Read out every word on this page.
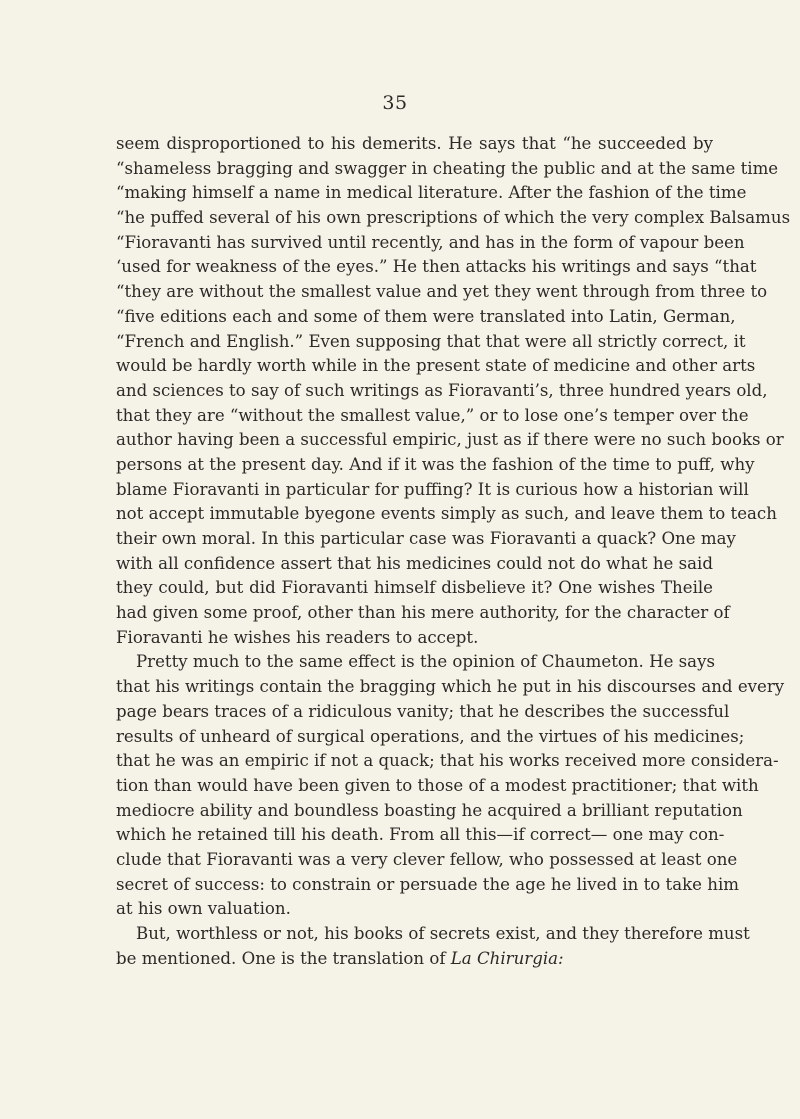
35
seem disproportioned to his demerits. He says that “he succeeded by
“shameless bragging and swagger in cheating the public and at the same time
“making himself a name in medical literature. After the fashion of the time
“he puffed several of his own prescriptions of which the very complex Balsamus
“Fioravanti has survived until recently, and has in the form of vapour been
‘used for weakness of the eyes.” He then attacks his writings and says “that
“they are without the smallest value and yet they went through from three to
“five editions each and some of them were translated into Latin, German,
“French and English.” Even supposing that that were all strictly correct, it
would be hardly worth while in the present state of medicine and other arts
and sciences to say of such writings as Fioravanti’s, three hundred years old,
that they are “without the smallest value,” or to lose one’s temper over the
author having been a successful empiric, just as if there were no such books or
persons at the present day. And if it was the fashion of the time to puff, why
blame Fioravanti in particular for puffing? It is curious how a historian will
not accept immutable byegone events simply as such, and leave them to teach
their own moral. In this particular case was Fioravanti a quack? One may
with all confidence assert that his medicines could not do what he said
they could, but did Fioravanti himself disbelieve it? One wishes Theile
had given some proof, other than his mere authority, for the character of
Fioravanti he wishes his readers to accept.
Pretty much to the same effect is the opinion of Chaumeton. He says
that his writings contain the bragging which he put in his discourses and every
page bears traces of a ridiculous vanity; that he describes the successful
results of unheard of surgical operations, and the virtues of his medicines;
that he was an empiric if not a quack; that his works received more considera-
tion than would have been given to those of a modest practitioner; that with
mediocre ability and boundless boasting he acquired a brilliant reputation
which he retained till his death. From all this—if correct— one may con-
clude that Fioravanti was a very clever fellow, who possessed at least one
secret of success: to constrain or persuade the age he lived in to take him
at his own valuation.
But, worthless or not, his books of secrets exist, and they therefore must
be mentioned. One is the translation of La Chirurgia:
